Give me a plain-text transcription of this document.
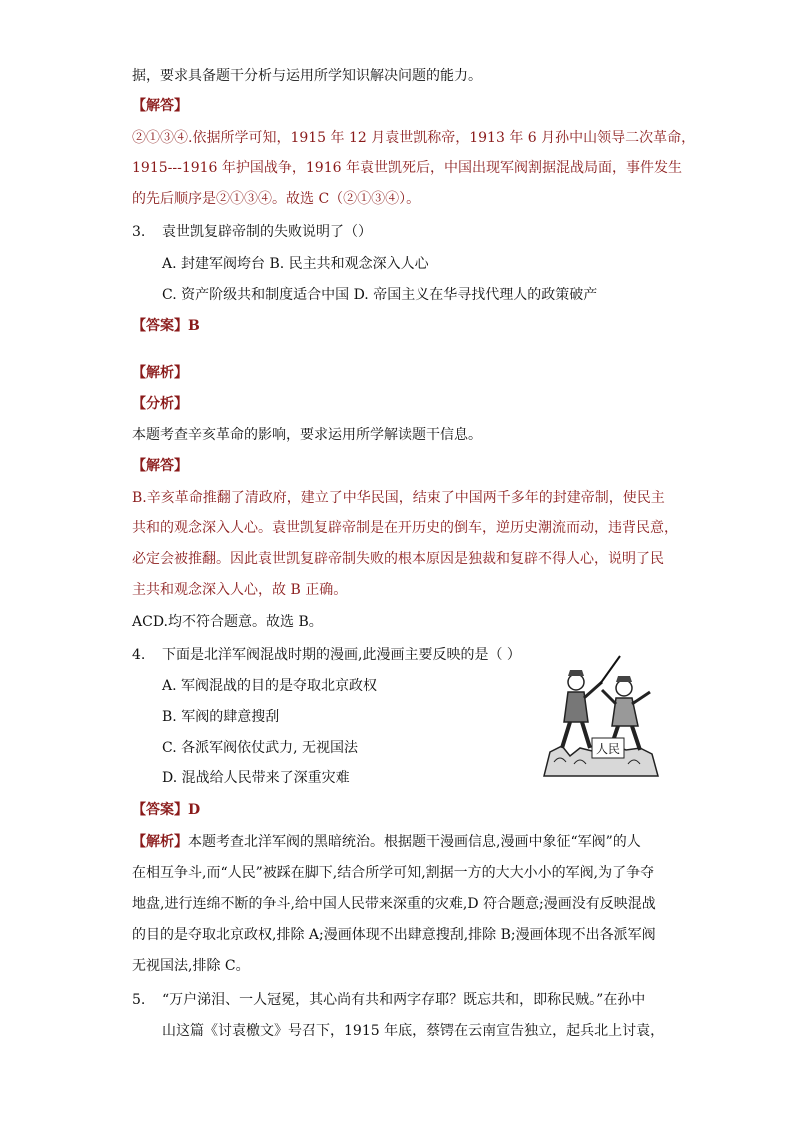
据，要求具备题干分析与运用所学知识解决问题的能力。
【解答】
②①③④.依据所学可知，1915 年 12 月袁世凯称帝，1913 年 6 月孙中山领导二次革命，
1915---1916 年护国战争，1916 年袁世凯死后，中国出现军阀割据混战局面，事件发生
的先后顺序是②①③④。故选 C（②①③④）。
3.	袁世凯复辟帝制的失败说明了（）
A. 封建军阀垮台 B. 民主共和观念深入人心
C. 资产阶级共和制度适合中国 D. 帝国主义在华寻找代理人的政策破产
【答案】B
【解析】
【分析】
本题考查辛亥革命的影响，要求运用所学解读题干信息。
【解答】
B.辛亥革命推翻了清政府，建立了中华民国，结束了中国两千多年的封建帝制，使民主
共和的观念深入人心。袁世凯复辟帝制是在开历史的倒车，逆历史潮流而动，违背民意，
必定会被推翻。因此袁世凯复辟帝制失败的根本原因是独裁和复辟不得人心，说明了民
主共和观念深入人心，故 B 正确。
ACD.均不符合题意。故选 B。
4.	下面是北洋军阀混战时期的漫画,此漫画主要反映的是（ ）
A. 军阀混战的目的是夺取北京政权
B. 军阀的肆意搜刮
C. 各派军阀依仗武力, 无视国法
D. 混战给人民带来了深重灾难
人民
【答案】D
【解析】本题考查北洋军阀的黑暗统治。根据题干漫画信息,漫画中象征“军阀”的人
在相互争斗,而“人民”被踩在脚下,结合所学可知,割据一方的大大小小的军阀,为了争夺
地盘,进行连绵不断的争斗,给中国人民带来深重的灾难,D 符合题意;漫画没有反映混战
的目的是夺取北京政权,排除 A;漫画体现不出肆意搜刮,排除 B;漫画体现不出各派军阀
无视国法,排除 C。
5.	“万户涕泪、一人冠冕，其心尚有共和两字存耶？既忘共和，即称民贼。”在孙中
山这篇《讨袁檄文》号召下，1915 年底，蔡锷在云南宣告独立，起兵北上讨袁，
